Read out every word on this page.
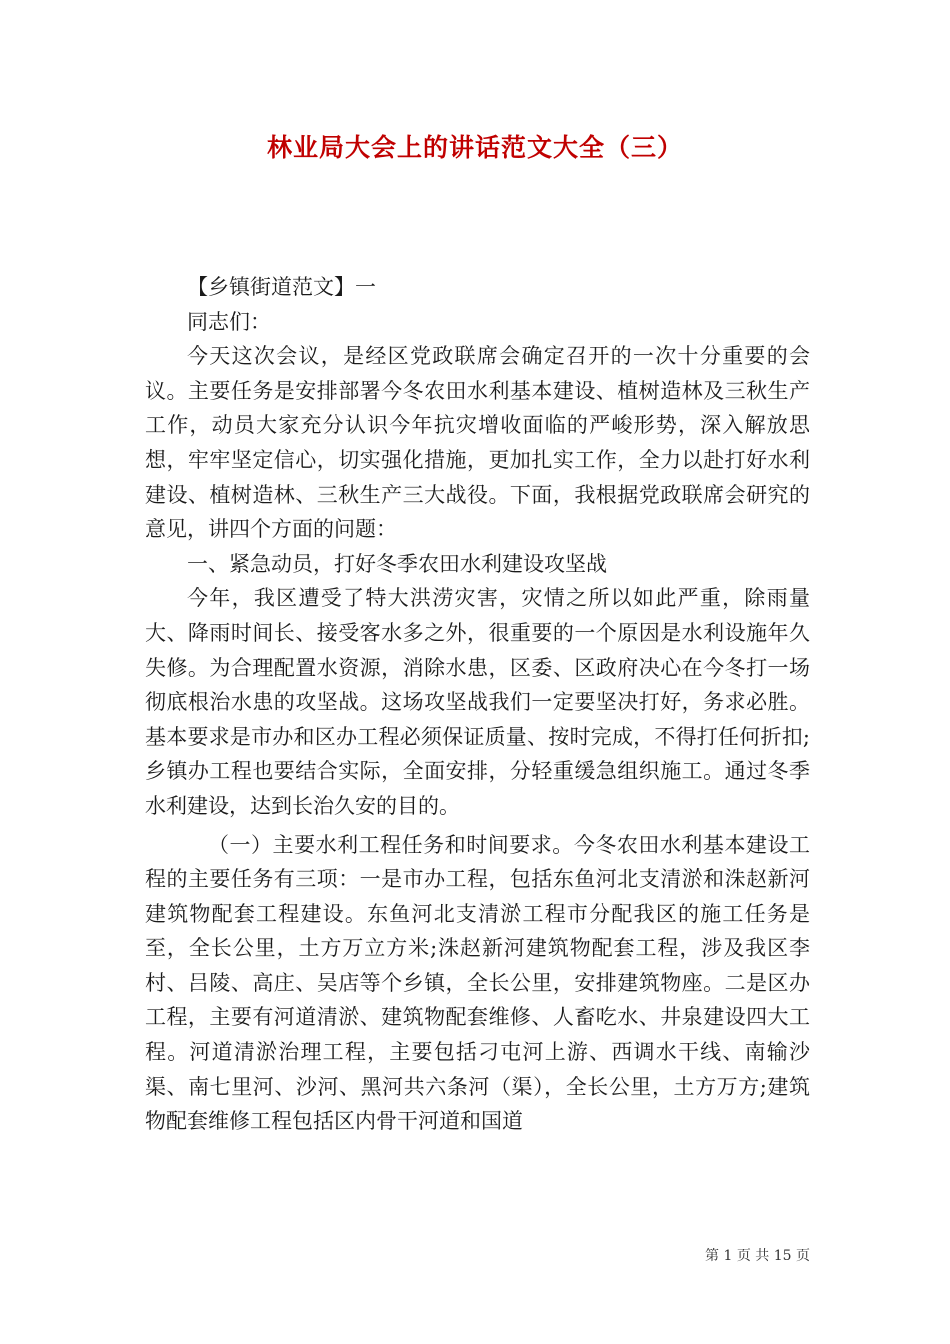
林业局大会上的讲话范文大全（三）

【乡镇街道范文】一

同志们：

今天这次会议，是经区党政联席会确定召开的一次十分重要的会议。主要任务是安排部署今冬农田水利基本建设、植树造林及三秋生产工作，动员大家充分认识今年抗灾增收面临的严峻形势，深入解放思想，牢牢坚定信心，切实强化措施，更加扎实工作，全力以赴打好水利建设、植树造林、三秋生产三大战役。下面，我根据党政联席会研究的意见，讲四个方面的问题：

一、紧急动员，打好冬季农田水利建设攻坚战

今年，我区遭受了特大洪涝灾害，灾情之所以如此严重，除雨量大、降雨时间长、接受客水多之外，很重要的一个原因是水利设施年久失修。为合理配置水资源，消除水患，区委、区政府决心在今冬打一场彻底根治水患的攻坚战。这场攻坚战我们一定要坚决打好，务求必胜。基本要求是市办和区办工程必须保证质量、按时完成，不得打任何折扣;乡镇办工程也要结合实际，全面安排，分轻重缓急组织施工。通过冬季水利建设，达到长治久安的目的。

（一）主要水利工程任务和时间要求。今冬农田水利基本建设工程的主要任务有三项：一是市办工程，包括东鱼河北支清淤和洙赵新河建筑物配套工程建设。东鱼河北支清淤工程市分配我区的施工任务是至，全长公里，土方万立方米;洙赵新河建筑物配套工程，涉及我区李村、吕陵、高庄、吴店等个乡镇，全长公里，安排建筑物座。二是区办工程，主要有河道清淤、建筑物配套维修、人畜吃水、井泉建设四大工程。河道清淤治理工程，主要包括刁屯河上游、西调水干线、南输沙渠、南七里河、沙河、黑河共六条河（渠），全长公里，土方万方;建筑物配套维修工程包括区内骨干河道和国道

第 1 页 共 15 页
